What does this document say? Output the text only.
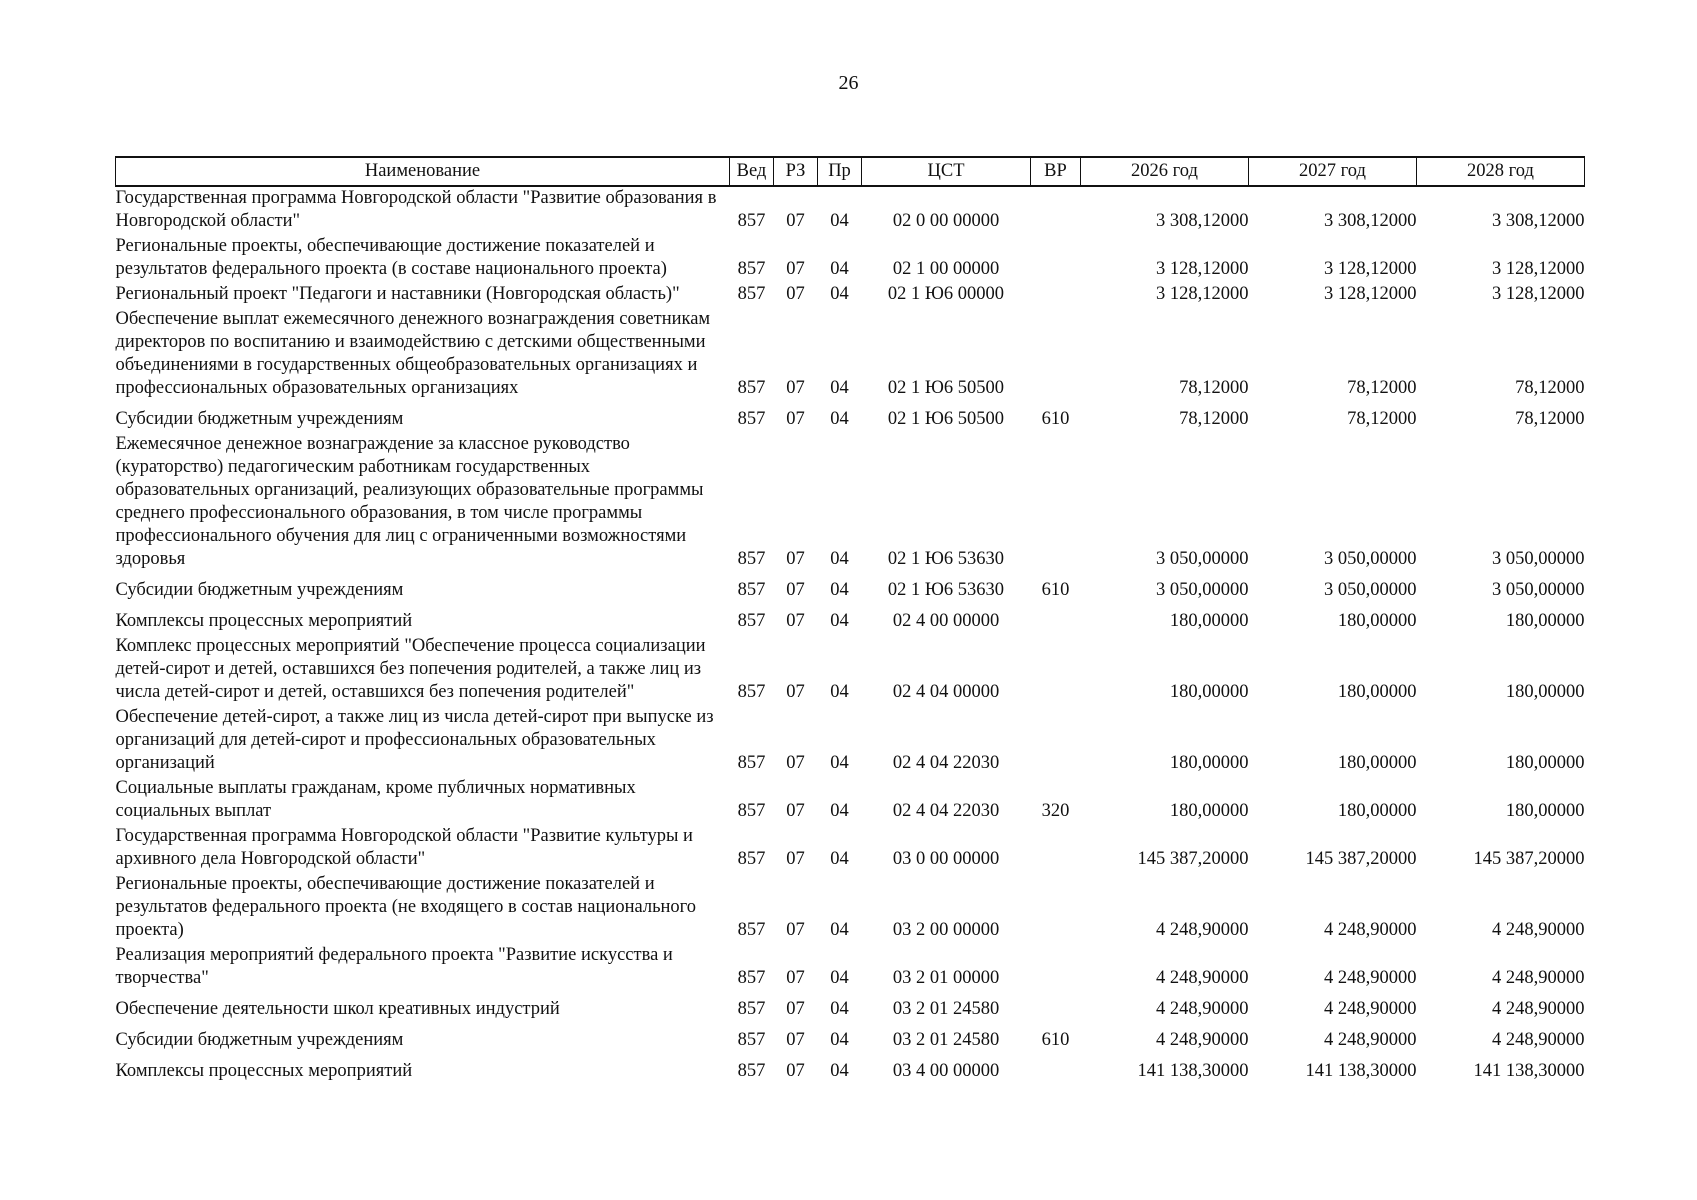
26
Наименование	Вед	РЗ	Пр	ЦСТ	ВР	2026 год	2027 год	2028 год
Государственная программа Новгородской области "Развитие образования в Новгородской области"	857	07	04	02 0 00 00000		3 308,12000	3 308,12000	3 308,12000
Региональные проекты, обеспечивающие достижение показателей и результатов федерального проекта (в составе национального проекта)	857	07	04	02 1 00 00000		3 128,12000	3 128,12000	3 128,12000
Региональный проект "Педагоги и наставники (Новгородская область)"	857	07	04	02 1 Ю6 00000		3 128,12000	3 128,12000	3 128,12000
Обеспечение выплат ежемесячного денежного вознаграждения советникам директоров по воспитанию и взаимодействию с детскими общественными объединениями в государственных общеобразовательных организациях и профессиональных образовательных организациях	857	07	04	02 1 Ю6 50500		78,12000	78,12000	78,12000
Субсидии бюджетным учреждениям	857	07	04	02 1 Ю6 50500	610	78,12000	78,12000	78,12000
Ежемесячное денежное вознаграждение за классное руководство (кураторство) педагогическим работникам государственных образовательных организаций, реализующих образовательные программы среднего профессионального образования, в том числе программы профессионального обучения для лиц с ограниченными возможностями здоровья	857	07	04	02 1 Ю6 53630		3 050,00000	3 050,00000	3 050,00000
Субсидии бюджетным учреждениям	857	07	04	02 1 Ю6 53630	610	3 050,00000	3 050,00000	3 050,00000
Комплексы процессных мероприятий	857	07	04	02 4 00 00000		180,00000	180,00000	180,00000
Комплекс процессных мероприятий "Обеспечение процесса социализации детей-сирот и детей, оставшихся без попечения родителей, а также лиц из числа детей-сирот и детей, оставшихся без попечения родителей"	857	07	04	02 4 04 00000		180,00000	180,00000	180,00000
Обеспечение детей-сирот, а также лиц из числа детей-сирот при выпуске из организаций для детей-сирот и профессиональных образовательных организаций	857	07	04	02 4 04 22030		180,00000	180,00000	180,00000
Социальные выплаты гражданам, кроме публичных нормативных социальных выплат	857	07	04	02 4 04 22030	320	180,00000	180,00000	180,00000
Государственная программа Новгородской области "Развитие культуры и архивного дела Новгородской области"	857	07	04	03 0 00 00000		145 387,20000	145 387,20000	145 387,20000
Региональные проекты, обеспечивающие достижение показателей и результатов федерального проекта (не входящего в состав национального проекта)	857	07	04	03 2 00 00000		4 248,90000	4 248,90000	4 248,90000
Реализация мероприятий федерального проекта "Развитие искусства и творчества"	857	07	04	03 2 01 00000		4 248,90000	4 248,90000	4 248,90000
Обеспечение деятельности школ креативных индустрий	857	07	04	03 2 01 24580		4 248,90000	4 248,90000	4 248,90000
Субсидии бюджетным учреждениям	857	07	04	03 2 01 24580	610	4 248,90000	4 248,90000	4 248,90000
Комплексы процессных мероприятий	857	07	04	03 4 00 00000		141 138,30000	141 138,30000	141 138,30000
